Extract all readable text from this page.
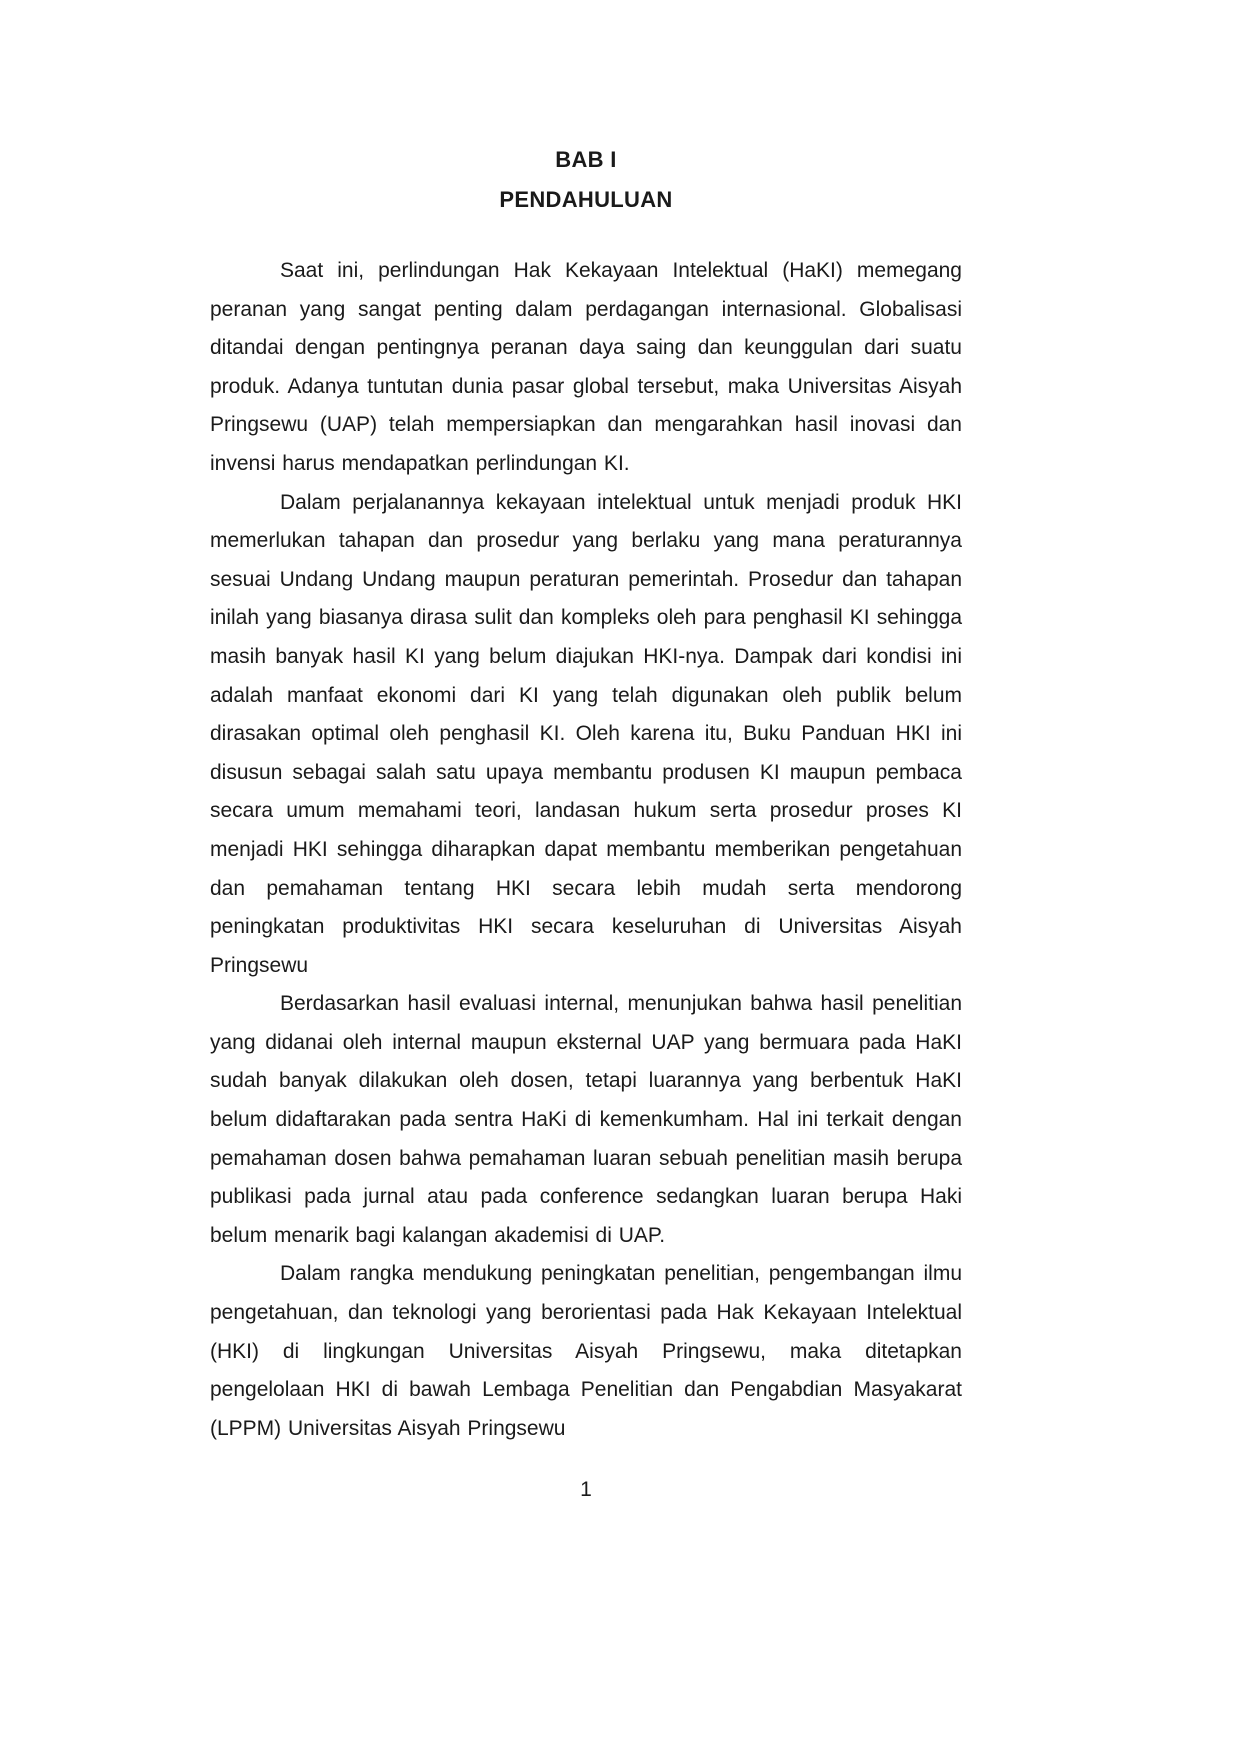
BAB I
PENDAHULUAN

Saat ini, perlindungan Hak Kekayaan Intelektual (HaKI) memegang peranan yang sangat penting dalam perdagangan internasional. Globalisasi ditandai dengan pentingnya peranan daya saing dan keunggulan dari suatu produk. Adanya tuntutan dunia pasar global tersebut, maka Universitas Aisyah Pringsewu (UAP) telah mempersiapkan dan mengarahkan hasil inovasi dan invensi harus mendapatkan perlindungan KI.

Dalam perjalanannya kekayaan intelektual untuk menjadi produk HKI memerlukan tahapan dan prosedur yang berlaku yang mana peraturannya sesuai Undang Undang maupun peraturan pemerintah. Prosedur dan tahapan inilah yang biasanya dirasa sulit dan kompleks oleh para penghasil KI sehingga masih banyak hasil KI yang belum diajukan HKI-nya. Dampak dari kondisi ini adalah manfaat ekonomi dari KI yang telah digunakan oleh publik belum dirasakan optimal oleh penghasil KI. Oleh karena itu, Buku Panduan HKI ini disusun sebagai salah satu upaya membantu produsen KI maupun pembaca secara umum memahami teori, landasan hukum serta prosedur proses KI menjadi HKI sehingga diharapkan dapat membantu memberikan pengetahuan dan pemahaman tentang HKI secara lebih mudah serta mendorong peningkatan produktivitas HKI secara keseluruhan di Universitas Aisyah Pringsewu

Berdasarkan hasil evaluasi internal, menunjukan bahwa hasil penelitian yang didanai oleh internal maupun eksternal UAP yang bermuara pada HaKI sudah banyak dilakukan oleh dosen, tetapi luarannya yang berbentuk HaKI belum didaftarakan pada sentra HaKi di kemenkumham. Hal ini terkait dengan pemahaman dosen bahwa pemahaman luaran sebuah penelitian masih berupa publikasi pada jurnal atau pada conference sedangkan luaran berupa Haki belum menarik bagi kalangan akademisi di UAP.

Dalam rangka mendukung peningkatan penelitian, pengembangan ilmu pengetahuan, dan teknologi yang berorientasi pada Hak Kekayaan Intelektual (HKI) di lingkungan Universitas Aisyah Pringsewu, maka ditetapkan pengelolaan HKI di bawah Lembaga Penelitian dan Pengabdian Masyakarat (LPPM) Universitas Aisyah Pringsewu

1
